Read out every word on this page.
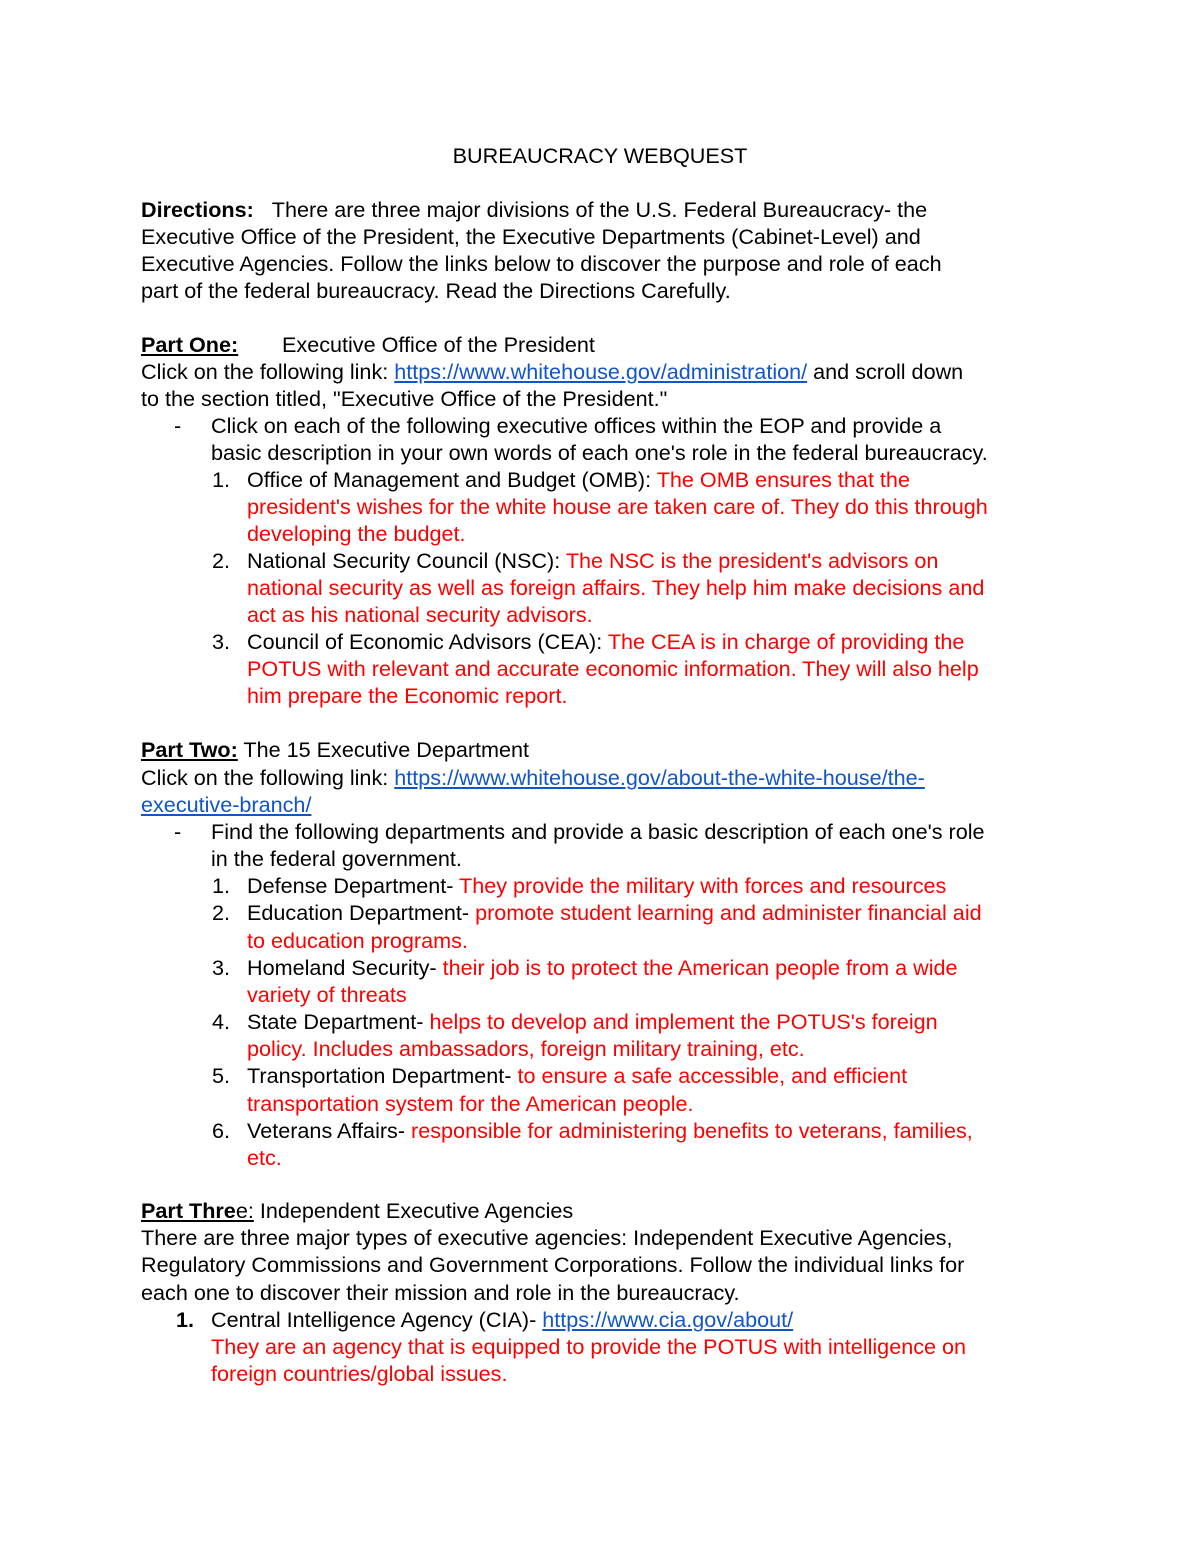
BUREAUCRACY WEBQUEST
Directions: There are three major divisions of the U.S. Federal Bureaucracy- the
Executive Office of the President, the Executive Departments (Cabinet-Level) and
Executive Agencies. Follow the links below to discover the purpose and role of each
part of the federal bureaucracy. Read the Directions Carefully.
Part One: Executive Office of the President
Click on the following link: https://www.whitehouse.gov/administration/ and scroll down
to the section titled, "Executive Office of the President."
- Click on each of the following executive offices within the EOP and provide a
basic description in your own words of each one's role in the federal bureaucracy.
1. Office of Management and Budget (OMB): The OMB ensures that the
president's wishes for the white house are taken care of. They do this through
developing the budget.
2. National Security Council (NSC): The NSC is the president's advisors on
national security as well as foreign affairs. They help him make decisions and
act as his national security advisors.
3. Council of Economic Advisors (CEA): The CEA is in charge of providing the
POTUS with relevant and accurate economic information. They will also help
him prepare the Economic report.
Part Two: The 15 Executive Department
Click on the following link: https://www.whitehouse.gov/about-the-white-house/the-
executive-branch/
- Find the following departments and provide a basic description of each one's role
in the federal government.
1. Defense Department- They provide the military with forces and resources
2. Education Department- promote student learning and administer financial aid
to education programs.
3. Homeland Security- their job is to protect the American people from a wide
variety of threats
4. State Department- helps to develop and implement the POTUS's foreign
policy. Includes ambassadors, foreign military training, etc.
5. Transportation Department- to ensure a safe accessible, and efficient
transportation system for the American people.
6. Veterans Affairs- responsible for administering benefits to veterans, families,
etc.
Part Three: Independent Executive Agencies
There are three major types of executive agencies: Independent Executive Agencies,
Regulatory Commissions and Government Corporations. Follow the individual links for
each one to discover their mission and role in the bureaucracy.
1. Central Intelligence Agency (CIA)- https://www.cia.gov/about/
They are an agency that is equipped to provide the POTUS with intelligence on
foreign countries/global issues.
